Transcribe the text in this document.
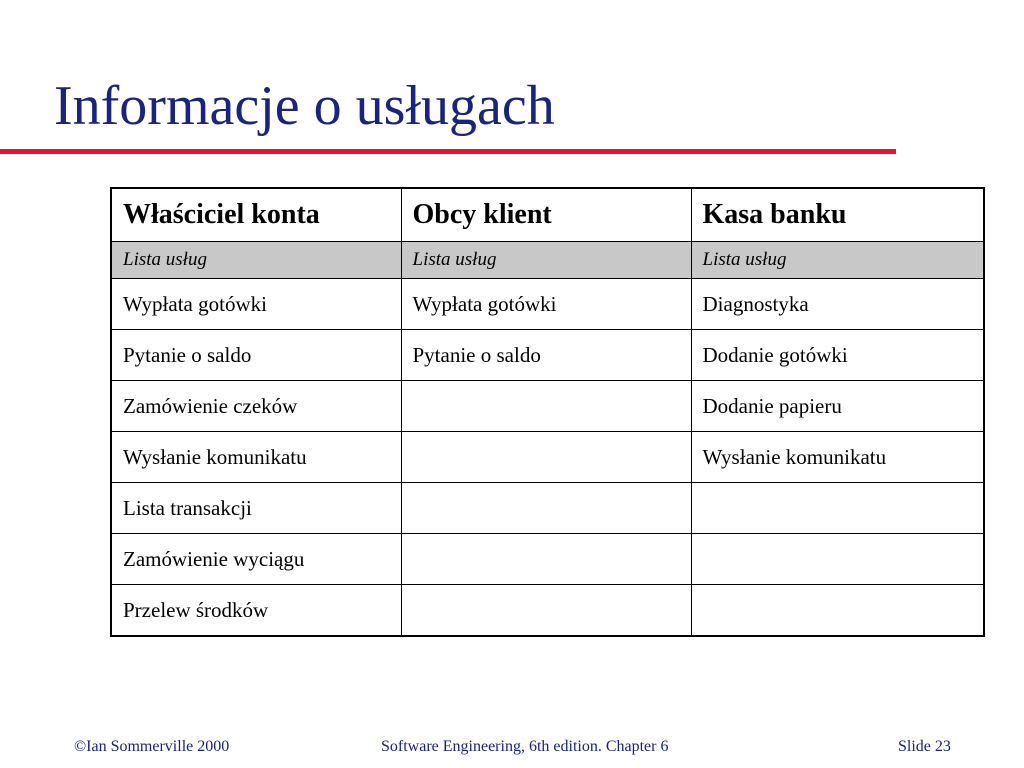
Informacje o usługach
Właściciel konta	Obcy klient	Kasa banku
Lista usług	Lista usług	Lista usług
Wypłata gotówki	Wypłata gotówki	Diagnostyka
Pytanie o saldo	Pytanie o saldo	Dodanie gotówki
Zamówienie czeków		Dodanie papieru
Wysłanie komunikatu		Wysłanie komunikatu
Lista transakcji		
Zamówienie wyciągu		
Przelew środków		
©Ian Sommerville 2000	Software Engineering, 6th edition. Chapter 6	Slide 23
